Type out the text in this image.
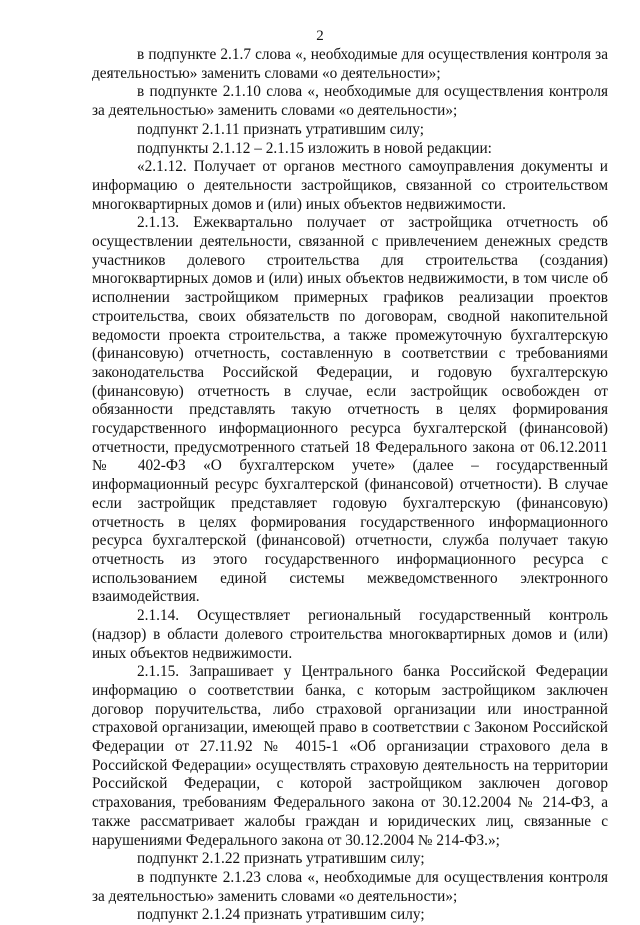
2

в подпункте 2.1.7 слова «, необходимые для осуществления контроля за деятельностью» заменить словами «о деятельности»;

в подпункте 2.1.10 слова «, необходимые для осуществления контроля за деятельностью» заменить словами «о деятельности»;

подпункт 2.1.11 признать утратившим силу;

подпункты 2.1.12 – 2.1.15 изложить в новой редакции:

«2.1.12. Получает от органов местного самоуправления документы и информацию о деятельности застройщиков, связанной со строительством многоквартирных домов и (или) иных объектов недвижимости.

2.1.13. Ежеквартально получает от застройщика отчетность об осуществлении деятельности, связанной с привлечением денежных средств участников долевого строительства для строительства (создания) многоквартирных домов и (или) иных объектов недвижимости, в том числе об исполнении застройщиком примерных графиков реализации проектов строительства, своих обязательств по договорам, сводной накопительной ведомости проекта строительства, а также промежуточную бухгалтерскую (финансовую) отчетность, составленную в соответствии с требованиями законодательства Российской Федерации, и годовую бухгалтерскую (финансовую) отчетность в случае, если застройщик освобожден от обязанности представлять такую отчетность в целях формирования государственного информационного ресурса бухгалтерской (финансовой) отчетности, предусмотренного статьей 18 Федерального закона от 06.12.2011 № 402-ФЗ «О бухгалтерском учете» (далее – государственный информационный ресурс бухгалтерской (финансовой) отчетности). В случае если застройщик представляет годовую бухгалтерскую (финансовую) отчетность в целях формирования государственного информационного ресурса бухгалтерской (финансовой) отчетности, служба получает такую отчетность из этого государственного информационного ресурса с использованием единой системы межведомственного электронного взаимодействия.

2.1.14. Осуществляет региональный государственный контроль (надзор) в области долевого строительства многоквартирных домов и (или) иных объектов недвижимости.

2.1.15. Запрашивает у Центрального банка Российской Федерации информацию о соответствии банка, с которым застройщиком заключен договор поручительства, либо страховой организации или иностранной страховой организации, имеющей право в соответствии с Законом Российской Федерации от 27.11.92 № 4015-1 «Об организации страхового дела в Российской Федерации» осуществлять страховую деятельность на территории Российской Федерации, с которой застройщиком заключен договор страхования, требованиям Федерального закона от 30.12.2004 № 214-ФЗ, а также рассматривает жалобы граждан и юридических лиц, связанные с нарушениями Федерального закона от 30.12.2004 № 214-ФЗ.»;

подпункт 2.1.22 признать утратившим силу;

в подпункте 2.1.23 слова «, необходимые для осуществления контроля за деятельностью» заменить словами «о деятельности»;

подпункт 2.1.24 признать утратившим силу;
